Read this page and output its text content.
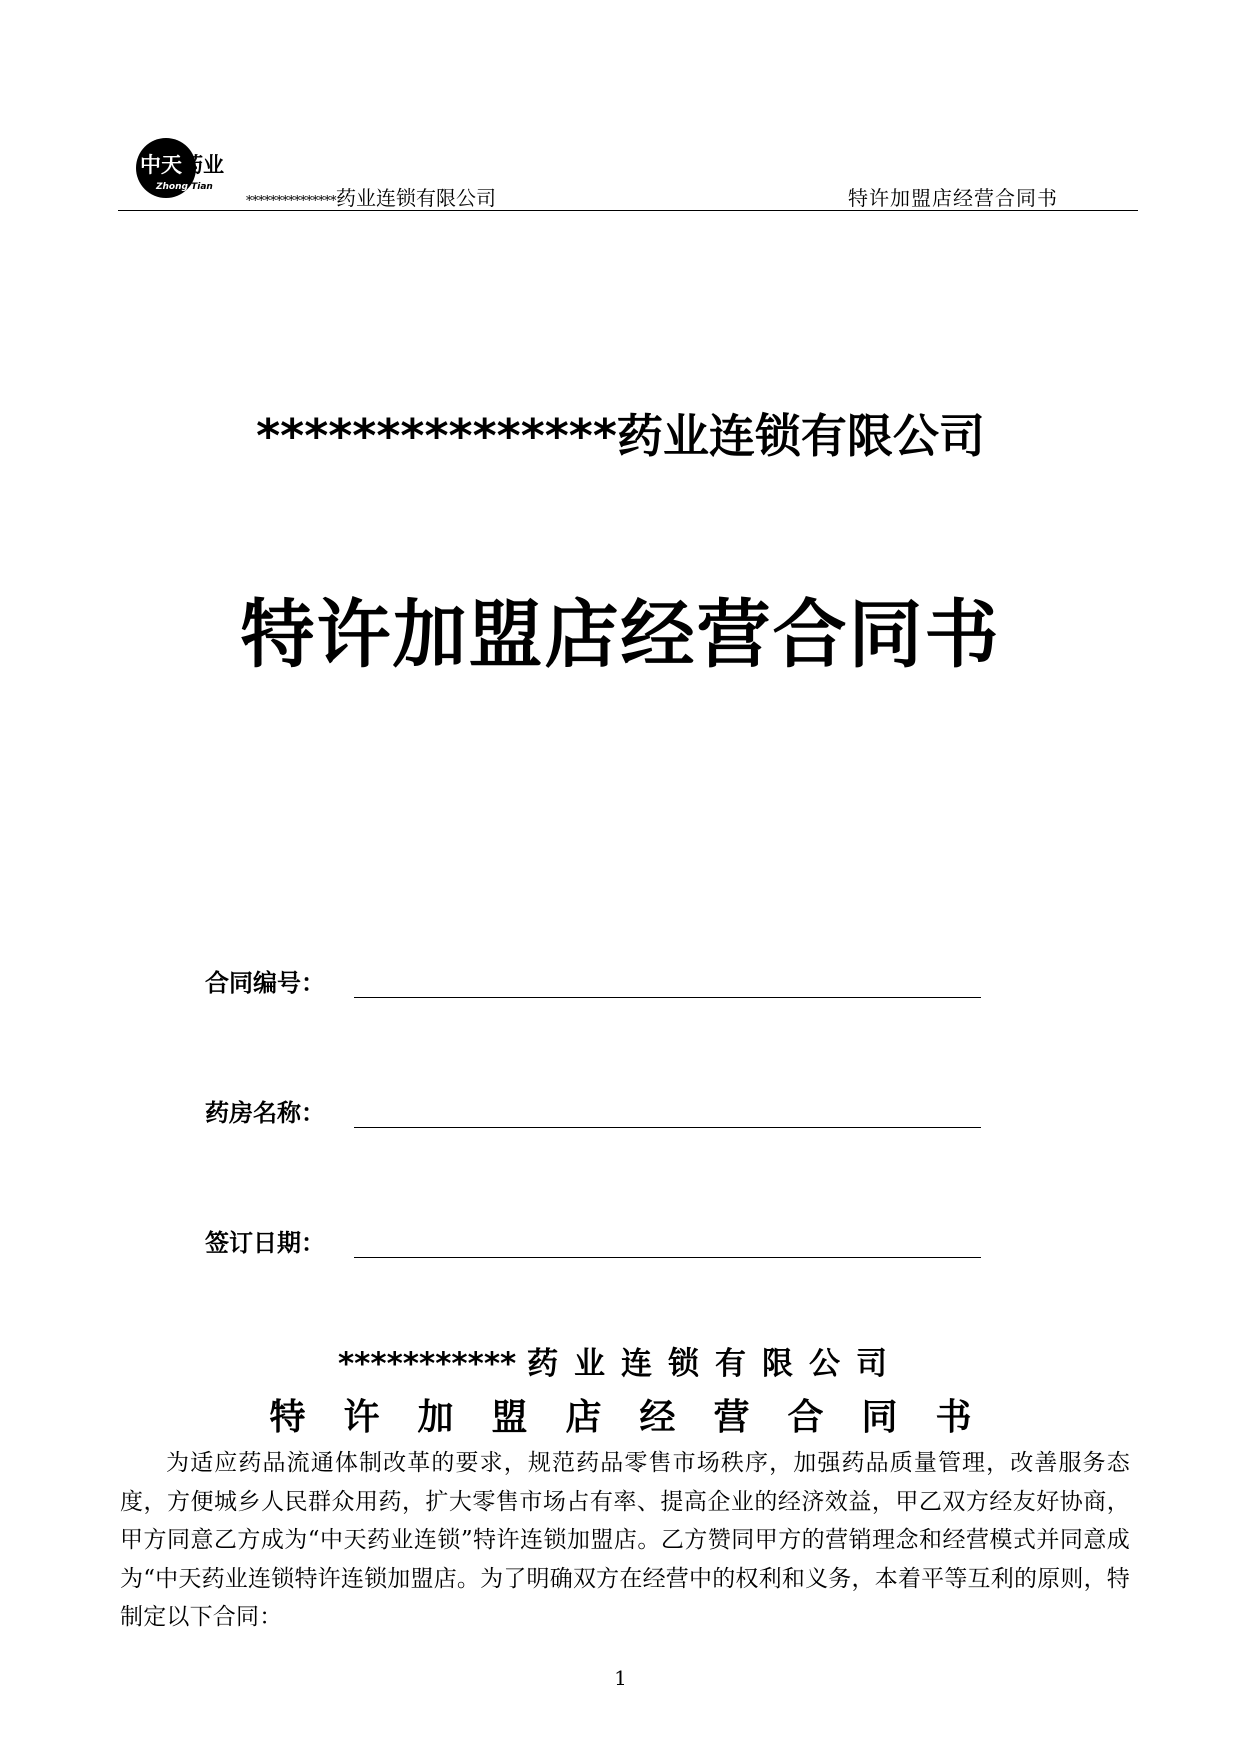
中天药业
Zhong Tian
***************药业连锁有限公司	特许加盟店经营合同书
***************药业连锁有限公司
特许加盟店经营合同书
合同编号：
药房名称：
签订日期：
*********** 药业连锁有限公司
特许加盟店经营合同书

为适应药品流通体制改革的要求，规范药品零售市场秩序，加强药品质量管理，改善服务态度，方便城乡人民群众用药，扩大零售市场占有率、提高企业的经济效益，甲乙双方经友好协商，甲方同意乙方成为“中天药业连锁”特许连锁加盟店。乙方赞同甲方的营销理念和经营模式并同意成为“中天药业连锁特许连锁加盟店。为了明确双方在经营中的权利和义务，本着平等互利的原则，特制定以下合同：

1
